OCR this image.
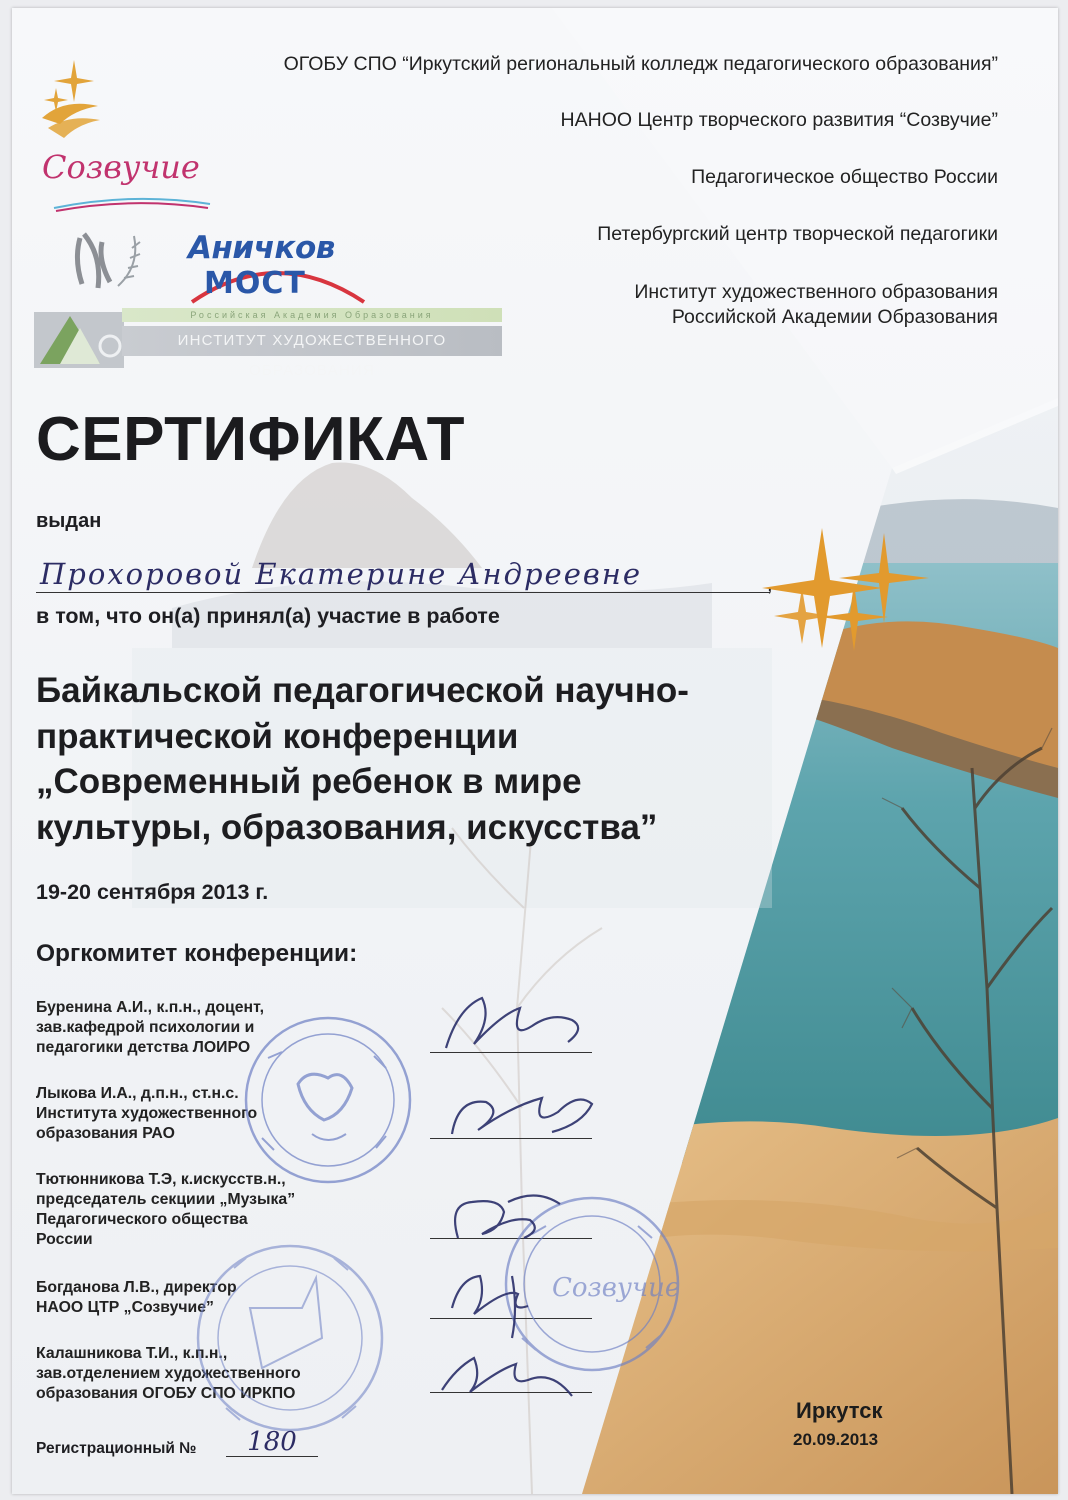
ОГОБУ СПО “Иркутский региональный колледж педагогического образования”
НАНОО Центр творческого развития “Созвучие”
Педагогическое общество России
Петербургский центр творческой педагогики
Институт художественного образования
Российской Академии Образования
Созвучие
Аничков
МОСТ
Российская Академия Образования
ИНСТИТУТ ХУДОЖЕСТВЕННОГО ОБРАЗОВАНИЯ
СЕРТИФИКАТ
выдан
Прохоровой Екатерине Андреевне	,
в том, что он(а) принял(а) участие в работе
Байкальской педагогической научно-
практической конференции
„Современный ребенок в мире
культуры, образования, искусства”
19-20 сентября 2013 г.
Оргкомитет конференции:
Буренина А.И., к.п.н., доцент,
зав.кафедрой психологии и
педагогики детства ЛОИРО
Лыкова И.А., д.п.н., ст.н.с.
Института художественного
образования РАО
Тютюнникова Т.Э, к.искусств.н.,
председатель секциии „Музыка”
Педагогического общества
России
Богданова Л.В., директор
НАОО ЦТР „Созвучие”
Калашникова Т.И., к.п.н.,
зав.отделением художественного
образования ОГОБУ СПО ИРКПО
Созвучие
Регистрационный №	180
Иркутск
20.09.2013
